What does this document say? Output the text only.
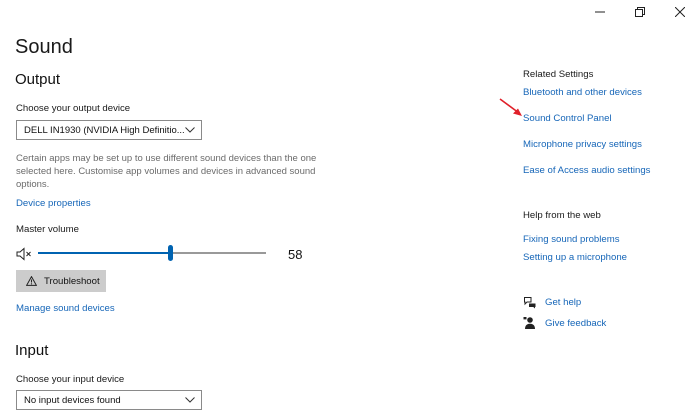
Sound
Output
Choose your output device
DELL IN1930 (NVIDIA High Definitio...
Certain apps may be set up to use different sound devices than the one selected here. Customise app volumes and devices in advanced sound options.
Device properties
Master volume
58
Troubleshoot
Manage sound devices
Input
Choose your input device
No input devices found
Related Settings
Bluetooth and other devices
Sound Control Panel
Microphone privacy settings
Ease of Access audio settings
Help from the web
Fixing sound problems
Setting up a microphone
Get help
Give feedback
